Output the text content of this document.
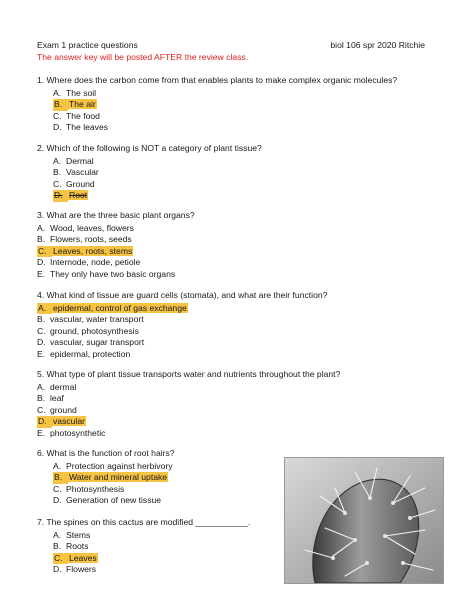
Exam 1 practice questions	biol 106 spr 2020 Ritchie
The answer key will be posted AFTER the review class.
1. Where does the carbon come from that enables plants to make complex organic molecules?
A. The soil
B. The air
C. The food
D. The leaves
2. Which of the following is NOT a category of plant tissue?
A. Dermal
B. Vascular
C. Ground
D. Root
3. What are the three basic plant organs?
A. Wood, leaves, flowers
B. Flowers, roots, seeds
C. Leaves, roots, stems
D. Internode, node, petiole
E. They only have two basic organs
4. What kind of tissue are guard cells (stomata), and what are their function?
A. epidermal, control of gas exchange
B. vascular, water transport
C. ground, photosynthesis
D. vascular, sugar transport
E. epidermal, protection
5. What type of plant tissue transports water and nutrients throughout the plant?
A. dermal
B. leaf
C. ground
D. vascular
E. photosynthetic
6. What is the function of root hairs?
A. Protection against herbivory
B. Water and mineral uptake
C. Photosynthesis
D. Generation of new tissue
7. The spines on this cactus are modified ___________.
A. Stems
B. Roots
C. Leaves
D. Flowers
